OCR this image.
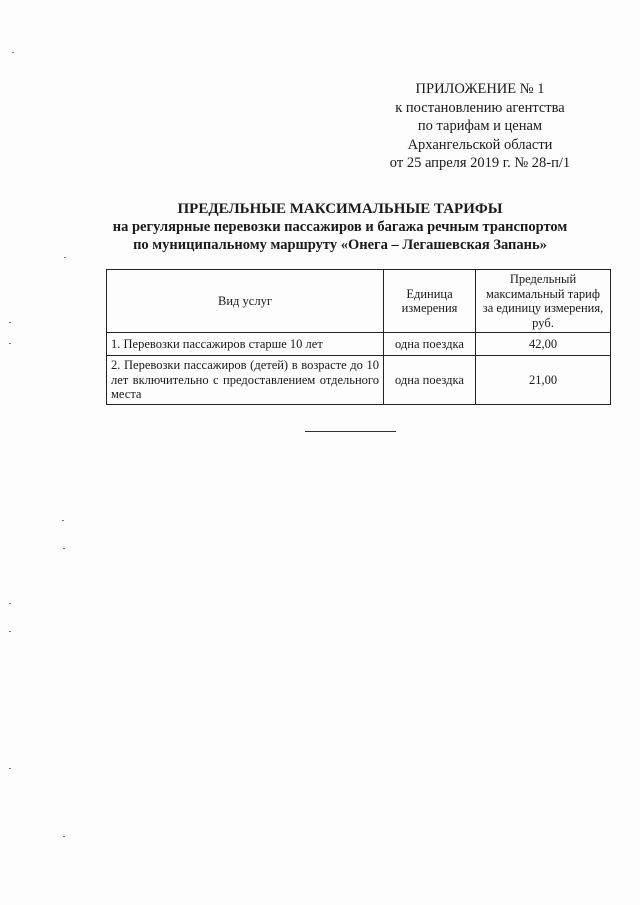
ПРИЛОЖЕНИЕ № 1
к постановлению агентства
по тарифам и ценам
Архангельской области
от 25 апреля 2019 г. № 28-п/1
ПРЕДЕЛЬНЫЕ МАКСИМАЛЬНЫЕ ТАРИФЫ
на регулярные перевозки пассажиров и багажа речным транспортом
по муниципальному маршруту «Онега – Легашевская Запань»
Вид услуг	Единица измерения	Предельный максимальный тариф за единицу измерения, руб.
1. Перевозки пассажиров старше 10 лет	одна поездка	42,00
2. Перевозки пассажиров (детей) в возрасте до 10 лет включительно с предоставлением отдельного места	одна поездка	21,00
